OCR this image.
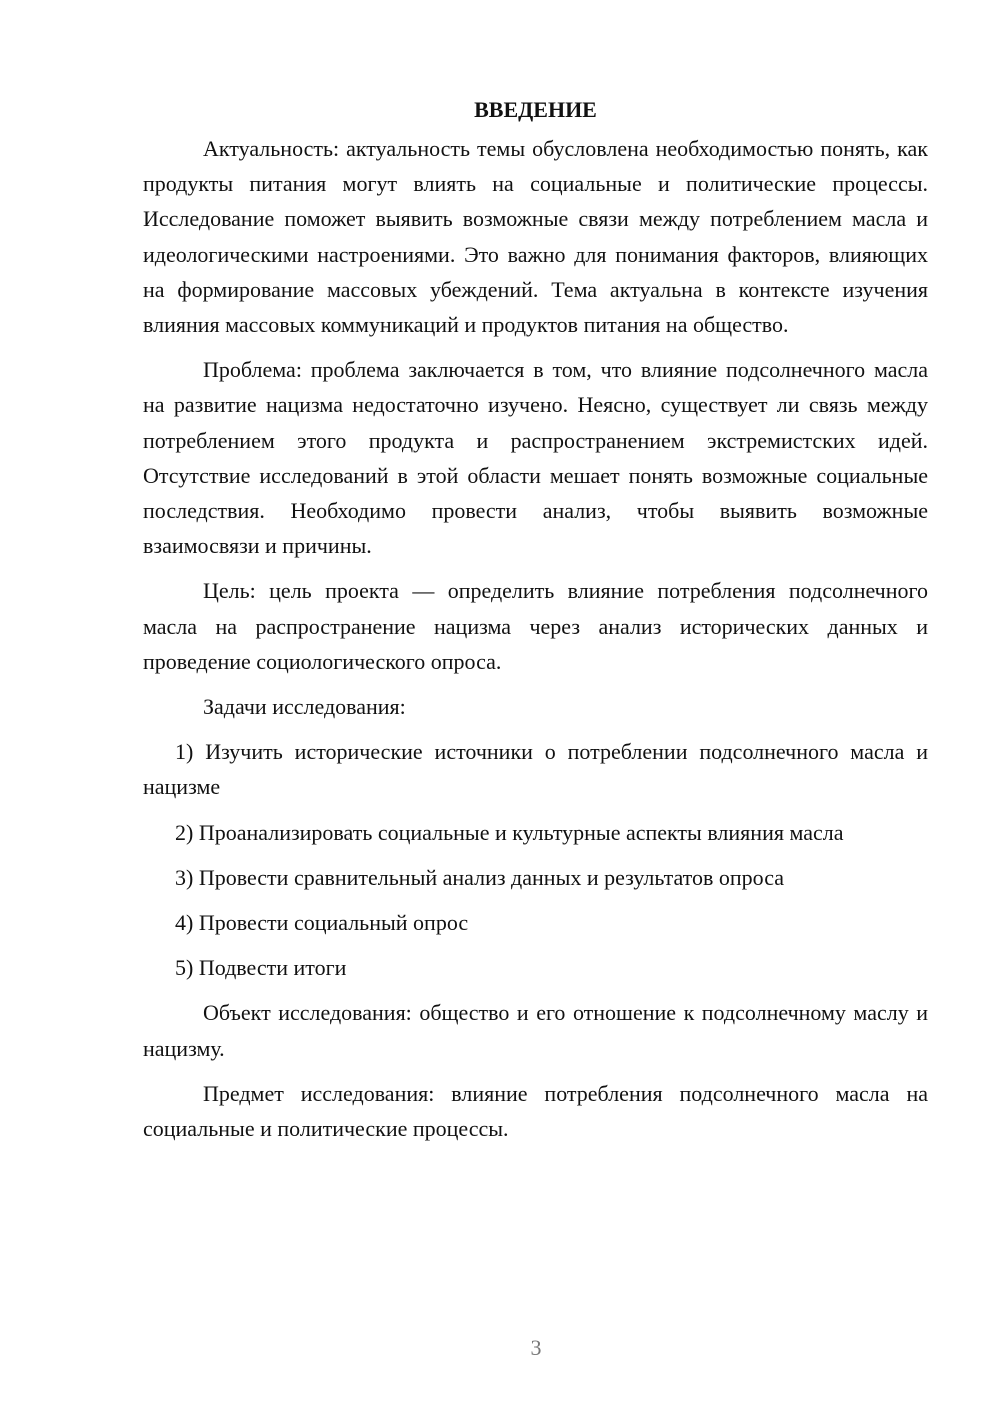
ВВЕДЕНИЕ

Актуальность: актуальность темы обусловлена необходимостью понять, как продукты питания могут влиять на социальные и политические процессы. Исследование поможет выявить возможные связи между потреблением масла и идеологическими настроениями. Это важно для понимания факторов, влияющих на формирование массовых убеждений. Тема актуальна в контексте изучения влияния массовых коммуникаций и продуктов питания на общество.

Проблема: проблема заключается в том, что влияние подсолнечного масла на развитие нацизма недостаточно изучено. Неясно, существует ли связь между потреблением этого продукта и распространением экстремистских идей. Отсутствие исследований в этой области мешает понять возможные социальные последствия. Необходимо провести анализ, чтобы выявить возможные взаимосвязи и причины.

Цель: цель проекта — определить влияние потребления подсолнечного масла на распространение нацизма через анализ исторических данных и проведение социологического опроса.

Задачи исследования:

1) Изучить исторические источники о потреблении подсолнечного масла и нацизме

2) Проанализировать социальные и культурные аспекты влияния масла

3) Провести сравнительный анализ данных и результатов опроса

4) Провести социальный опрос

5) Подвести итоги

Объект исследования: общество и его отношение к подсолнечному маслу и нацизму.

Предмет исследования: влияние потребления подсолнечного масла на социальные и политические процессы.

3
